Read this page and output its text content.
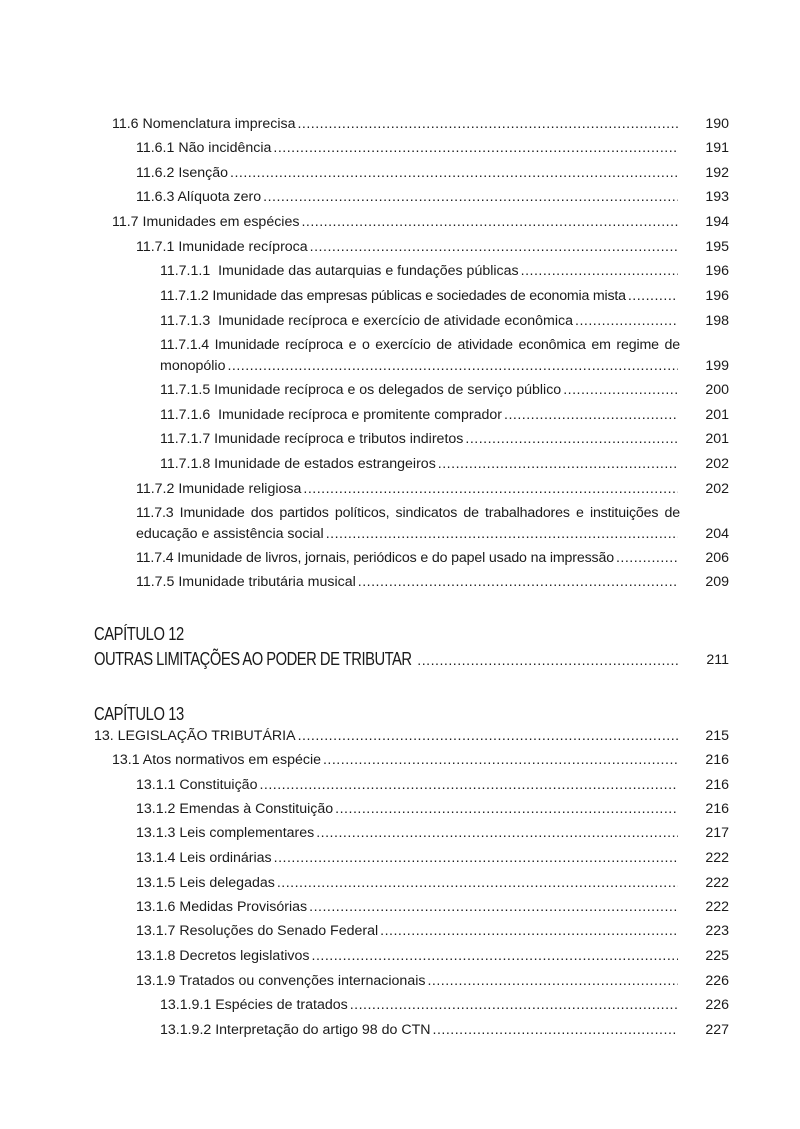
11.6 Nomenclatura imprecisa .....	190
11.6.1 Não incidência .....	191
11.6.2 Isenção .....	192
11.6.3 Alíquota zero .....	193
11.7 Imunidades em espécies .....	194
11.7.1 Imunidade recíproca .....	195
11.7.1.1  Imunidade das autarquias e fundações públicas .....	196
11.7.1.2 Imunidade das empresas públicas e sociedades de economia mista .....	196
11.7.1.3  Imunidade recíproca e exercício de atividade econômica .....	198
11.7.1.4 Imunidade recíproca e o exercício de atividade econômica em regime de
monopólio .....	199
11.7.1.5 Imunidade recíproca e os delegados de serviço público .....	200
11.7.1.6  Imunidade recíproca e promitente comprador .....	201
11.7.1.7 Imunidade recíproca e tributos indiretos .....	201
11.7.1.8 Imunidade de estados estrangeiros .....	202
11.7.2 Imunidade religiosa .....	202
11.7.3 Imunidade dos partidos políticos, sindicatos de trabalhadores e instituições de
educação e assistência social .....	204
11.7.4 Imunidade de livros, jornais, periódicos e do papel usado na impressão .....	206
11.7.5 Imunidade tributária musical .....	209
CAPÍTULO 12
OUTRAS LIMITAÇÕES AO PODER DE TRIBUTAR .....	211
CAPÍTULO 13
13. LEGISLAÇÃO TRIBUTÁRIA .....	215
13.1 Atos normativos em espécie .....	216
13.1.1 Constituição .....	216
13.1.2 Emendas à Constituição .....	216
13.1.3 Leis complementares .....	217
13.1.4 Leis ordinárias .....	222
13.1.5 Leis delegadas .....	222
13.1.6 Medidas Provisórias .....	222
13.1.7 Resoluções do Senado Federal .....	223
13.1.8 Decretos legislativos .....	225
13.1.9 Tratados ou convenções internacionais .....	226
13.1.9.1 Espécies de tratados .....	226
13.1.9.2 Interpretação do artigo 98 do CTN .....	227
